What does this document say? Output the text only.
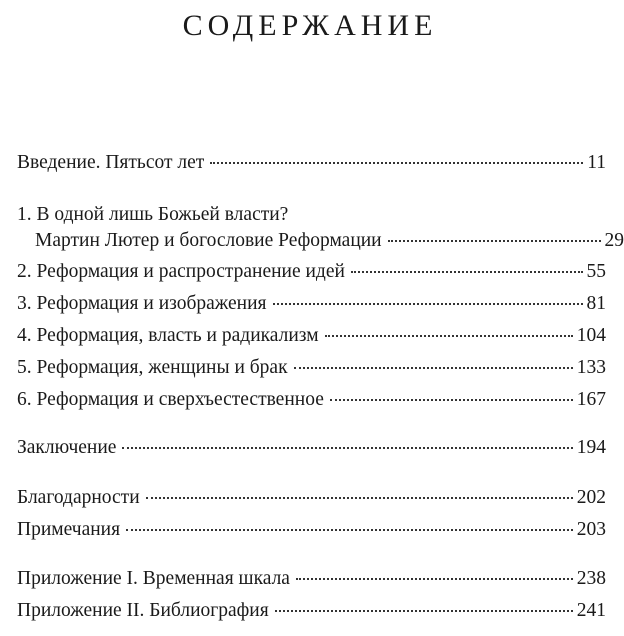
СОДЕРЖАНИЕ
Введение. Пятьсот лет	11
1. В одной лишь Божьей власти?
Мартин Лютер и богословие Реформации	29
2. Реформация и распространение идей	55
3. Реформация и изображения	81
4. Реформация, власть и радикализм	104
5. Реформация, женщины и брак	133
6. Реформация и сверхъестественное	167
Заключение	194
Благодарности	202
Примечания	203
Приложение I. Временная шкала	238
Приложение II. Библиография	241
